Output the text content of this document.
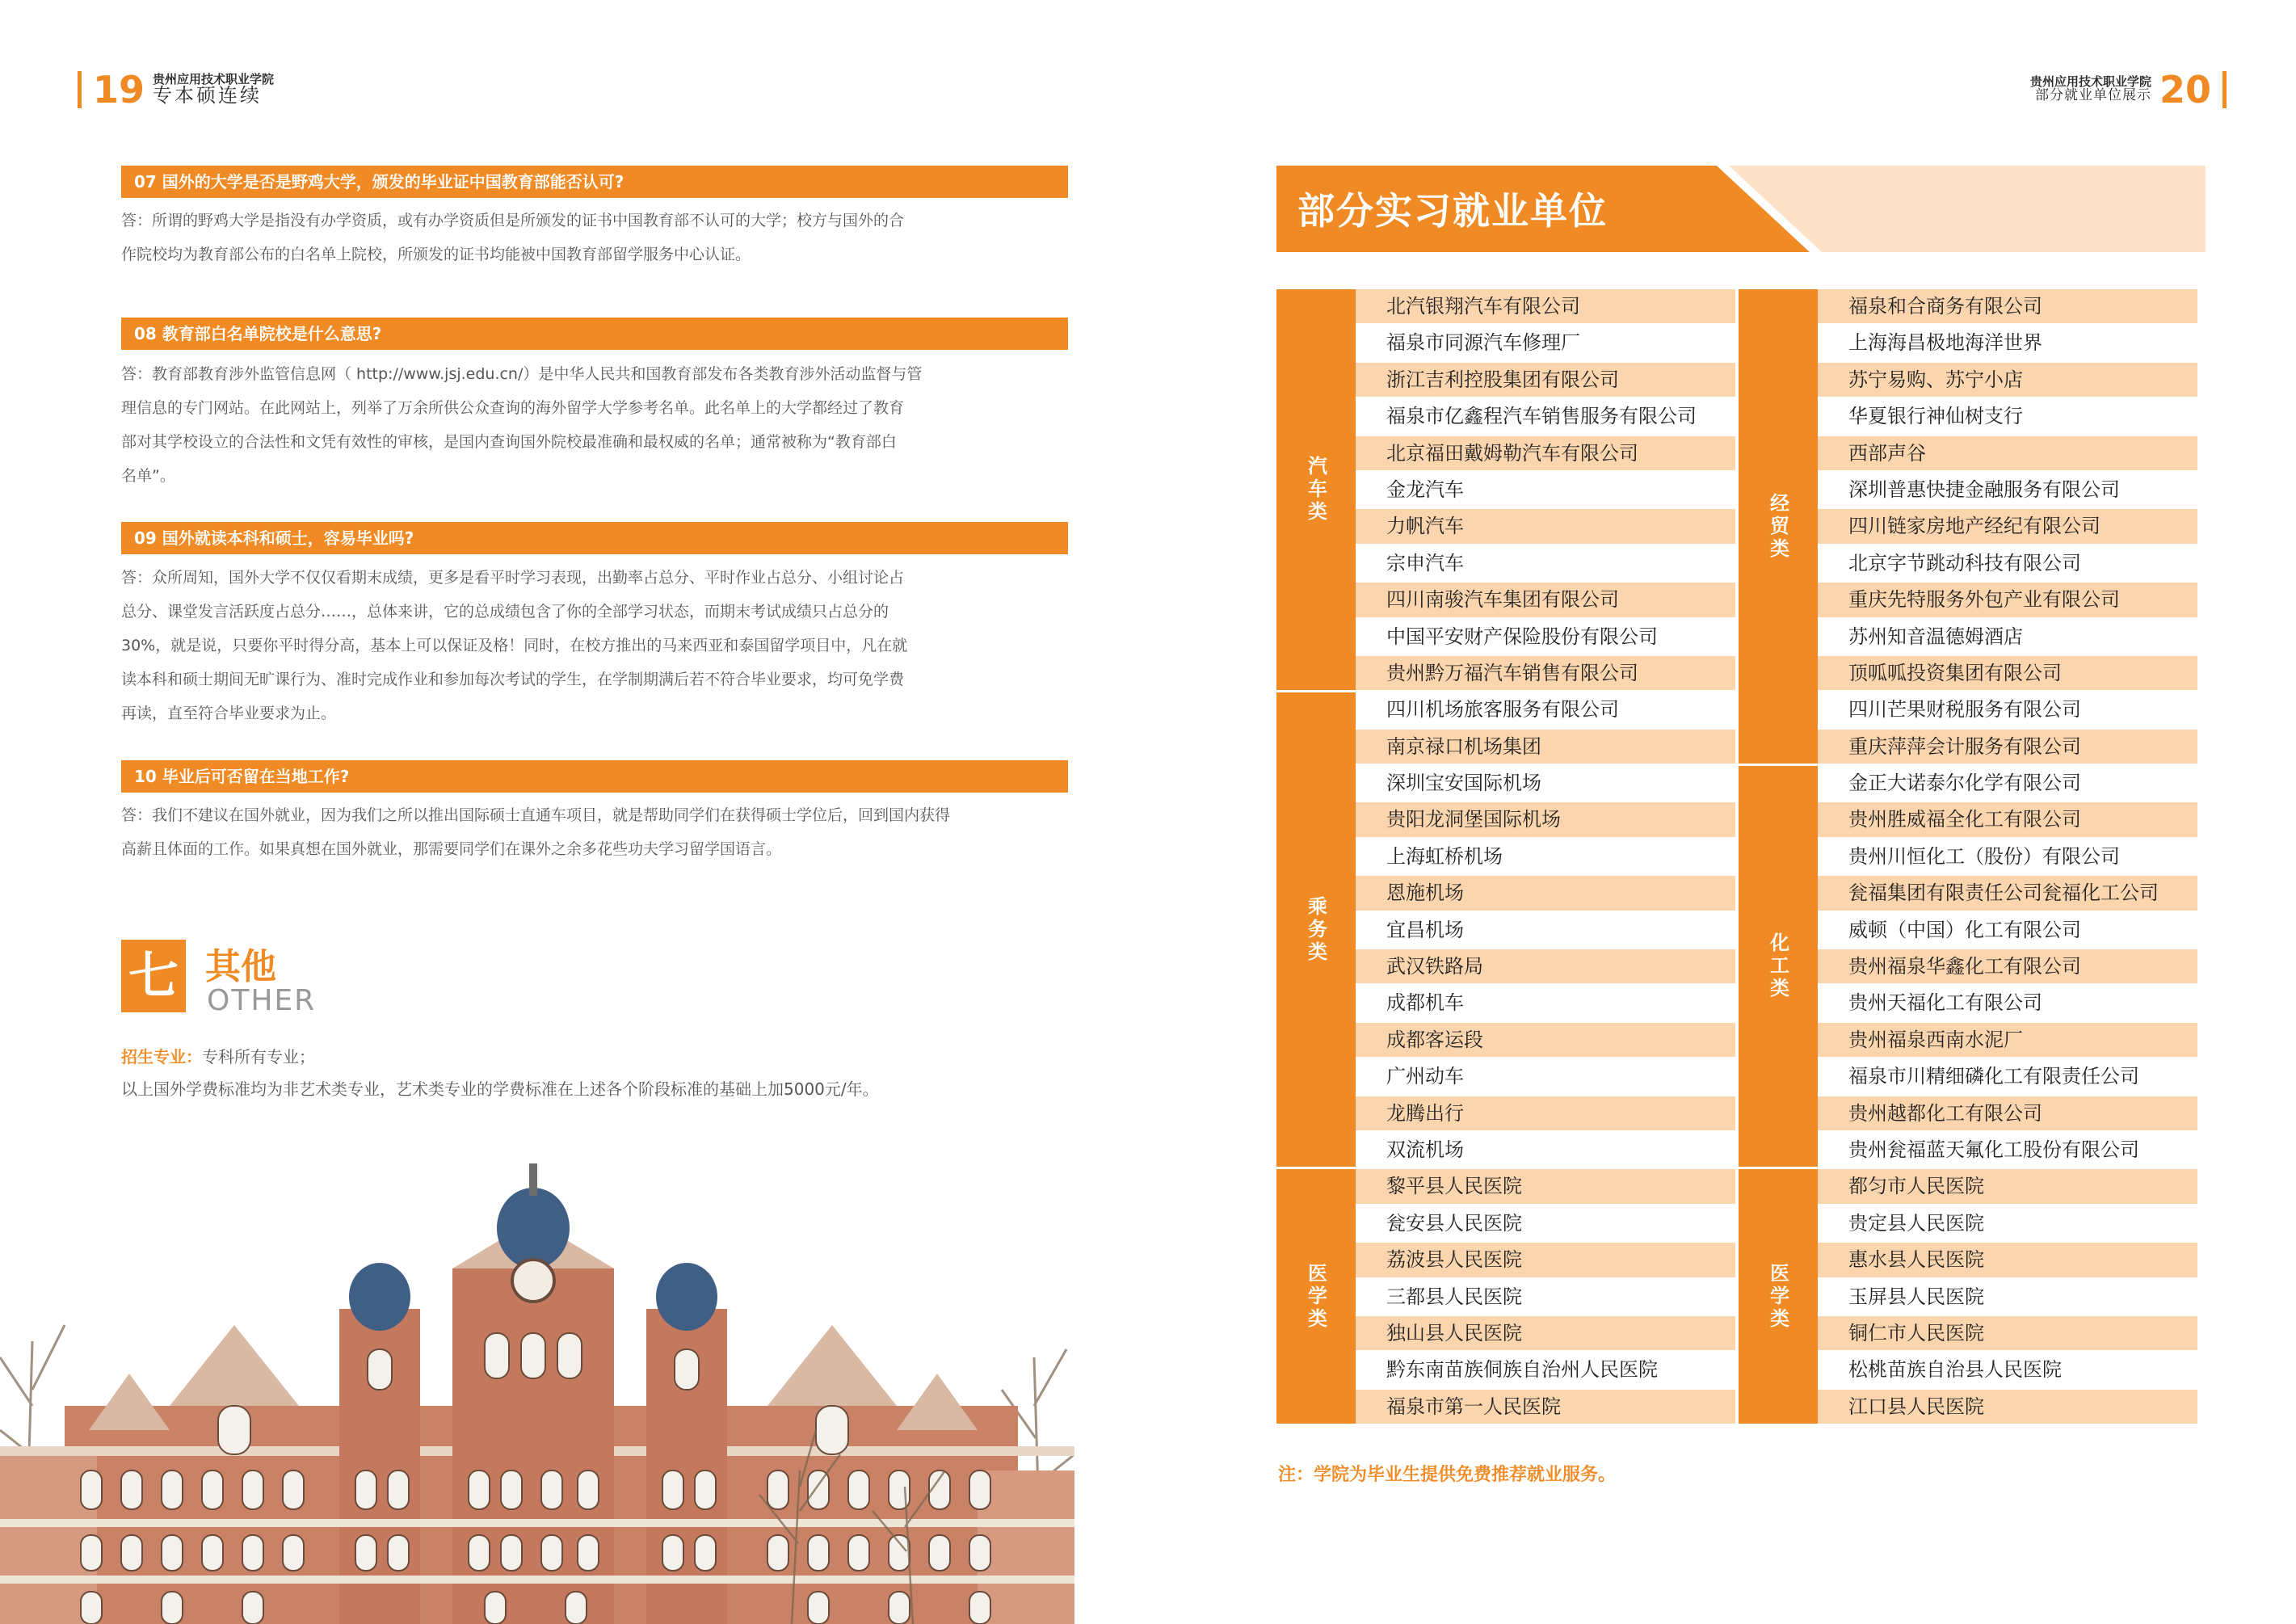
19 贵州应用技术职业学院
专本硕连续
贵州应用技术职业学院
部分就业单位展示 20
07 国外的大学是否是野鸡大学，颁发的毕业证中国教育部能否认可?
答：所谓的野鸡大学是指没有办学资质，或有办学资质但是所颁发的证书中国教育部不认可的大学；校方与国外的合
作院校均为教育部公布的白名单上院校，所颁发的证书均能被中国教育部留学服务中心认证。
08 教育部白名单院校是什么意思?
答：教育部教育涉外监管信息网（ http://www.jsj.edu.cn/）是中华人民共和国教育部发布各类教育涉外活动监督与管
理信息的专门网站。在此网站上，列举了万余所供公众查询的海外留学大学参考名单。此名单上的大学都经过了教育
部对其学校设立的合法性和文凭有效性的审核，是国内查询国外院校最准确和最权威的名单；通常被称为“教育部白
名单”。
09 国外就读本科和硕士，容易毕业吗?
答：众所周知，国外大学不仅仅看期末成绩，更多是看平时学习表现，出勤率占总分、平时作业占总分、小组讨论占
总分、课堂发言活跃度占总分……，总体来讲，它的总成绩包含了你的全部学习状态，而期末考试成绩只占总分的
30%，就是说，只要你平时得分高，基本上可以保证及格！同时，在校方推出的马来西亚和泰国留学项目中，凡在就
读本科和硕士期间无旷课行为、准时完成作业和参加每次考试的学生，在学制期满后若不符合毕业要求，均可免学费
再读，直至符合毕业要求为止。
10 毕业后可否留在当地工作?
答：我们不建议在国外就业，因为我们之所以推出国际硕士直通车项目，就是帮助同学们在获得硕士学位后，回到国内获得
高薪且体面的工作。如果真想在国外就业，那需要同学们在课外之余多花些功夫学习留学国语言。
七 其他
OTHER
招生专业：专科所有专业；
以上国外学费标准均为非艺术类专业，艺术类专业的学费标准在上述各个阶段标准的基础上加5000元/年。
部分实习就业单位
汽车类
北汽银翔汽车有限公司
福泉市同源汽车修理厂
浙江吉利控股集团有限公司
福泉市亿鑫程汽车销售服务有限公司
北京福田戴姆勒汽车有限公司
金龙汽车
力帆汽车
宗申汽车
四川南骏汽车集团有限公司
中国平安财产保险股份有限公司
贵州黔万福汽车销售有限公司
乘务类
四川机场旅客服务有限公司
南京禄口机场集团
深圳宝安国际机场
贵阳龙洞堡国际机场
上海虹桥机场
恩施机场
宜昌机场
武汉铁路局
成都机车
成都客运段
广州动车
龙腾出行
双流机场
医学类
黎平县人民医院
瓮安县人民医院
荔波县人民医院
三都县人民医院
独山县人民医院
黔东南苗族侗族自治州人民医院
福泉市第一人民医院
经贸类
福泉和合商务有限公司
上海海昌极地海洋世界
苏宁易购、苏宁小店
华夏银行神仙树支行
西部声谷
深圳普惠快捷金融服务有限公司
四川链家房地产经纪有限公司
北京字节跳动科技有限公司
重庆先特服务外包产业有限公司
苏州知音温德姆酒店
顶呱呱投资集团有限公司
四川芒果财税服务有限公司
重庆萍萍会计服务有限公司
化工类
金正大诺泰尔化学有限公司
贵州胜威福全化工有限公司
贵州川恒化工（股份）有限公司
瓮福集团有限责任公司瓮福化工公司
威顿（中国）化工有限公司
贵州福泉华鑫化工有限公司
贵州天福化工有限公司
贵州福泉西南水泥厂
福泉市川精细磷化工有限责任公司
贵州越都化工有限公司
贵州瓮福蓝天氟化工股份有限公司
医学类
都匀市人民医院
贵定县人民医院
惠水县人民医院
玉屏县人民医院
铜仁市人民医院
松桃苗族自治县人民医院
江口县人民医院
注：学院为毕业生提供免费推荐就业服务。
